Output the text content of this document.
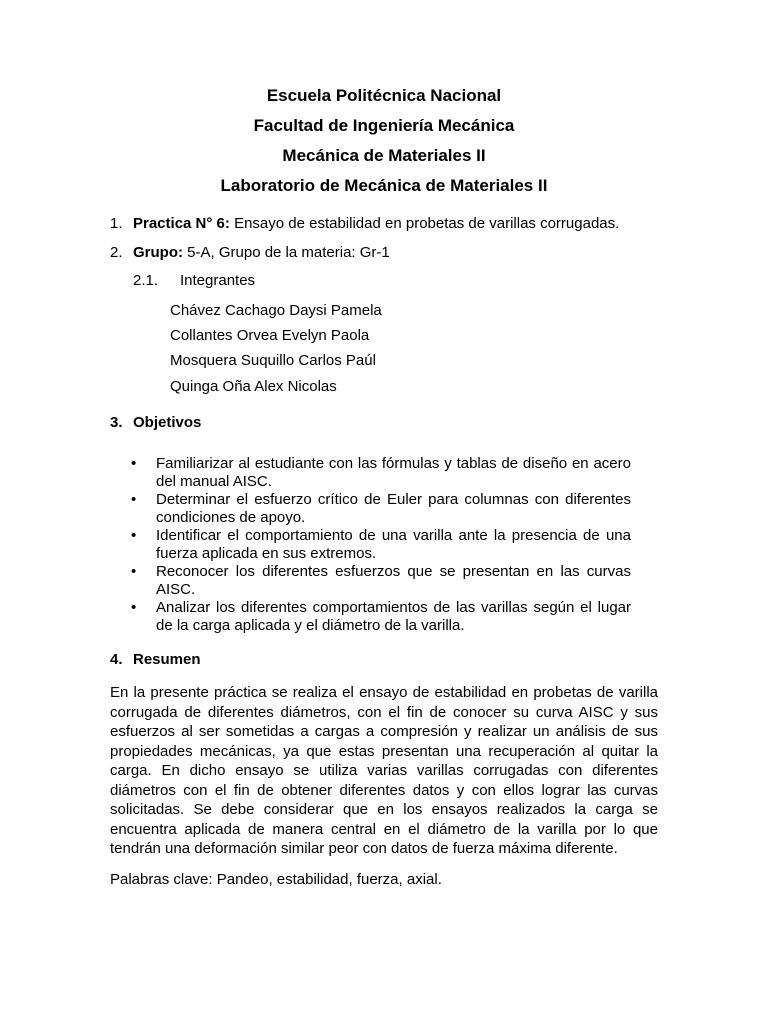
Escuela Politécnica Nacional
Facultad de Ingeniería Mecánica
Mecánica de Materiales II
Laboratorio de Mecánica de Materiales II
1. Practica N° 6: Ensayo de estabilidad en probetas de varillas corrugadas.
2. Grupo: 5-A, Grupo de la materia: Gr-1
2.1. Integrantes
Chávez Cachago Daysi Pamela
Collantes Orvea Evelyn Paola
Mosquera Suquillo Carlos Paúl
Quinga Oña Alex Nicolas
3. Objetivos
•
Familiarizar al estudiante con las fórmulas y tablas de diseño en acero del manual AISC.
•
Determinar el esfuerzo crítico de Euler para columnas con diferentes condiciones de apoyo.
•
Identificar el comportamiento de una varilla ante la presencia de una fuerza aplicada en sus extremos.
•
Reconocer los diferentes esfuerzos que se presentan en las curvas AISC.
•
Analizar los diferentes comportamientos de las varillas según el lugar de la carga aplicada y el diámetro de la varilla.
4. Resumen

En la presente práctica se realiza el ensayo de estabilidad en probetas de varilla corrugada de diferentes diámetros, con el fin de conocer su curva AISC y sus esfuerzos al ser sometidas a cargas a compresión y realizar un análisis de sus propiedades mecánicas, ya que estas presentan una recuperación al quitar la carga. En dicho ensayo se utiliza varias varillas corrugadas con diferentes diámetros con el fin de obtener diferentes datos y con ellos lograr las curvas solicitadas. Se debe considerar que en los ensayos realizados la carga se encuentra aplicada de manera central en el diámetro de la varilla por lo que tendrán una deformación similar peor con datos de fuerza máxima diferente.

Palabras clave: Pandeo, estabilidad, fuerza, axial.
